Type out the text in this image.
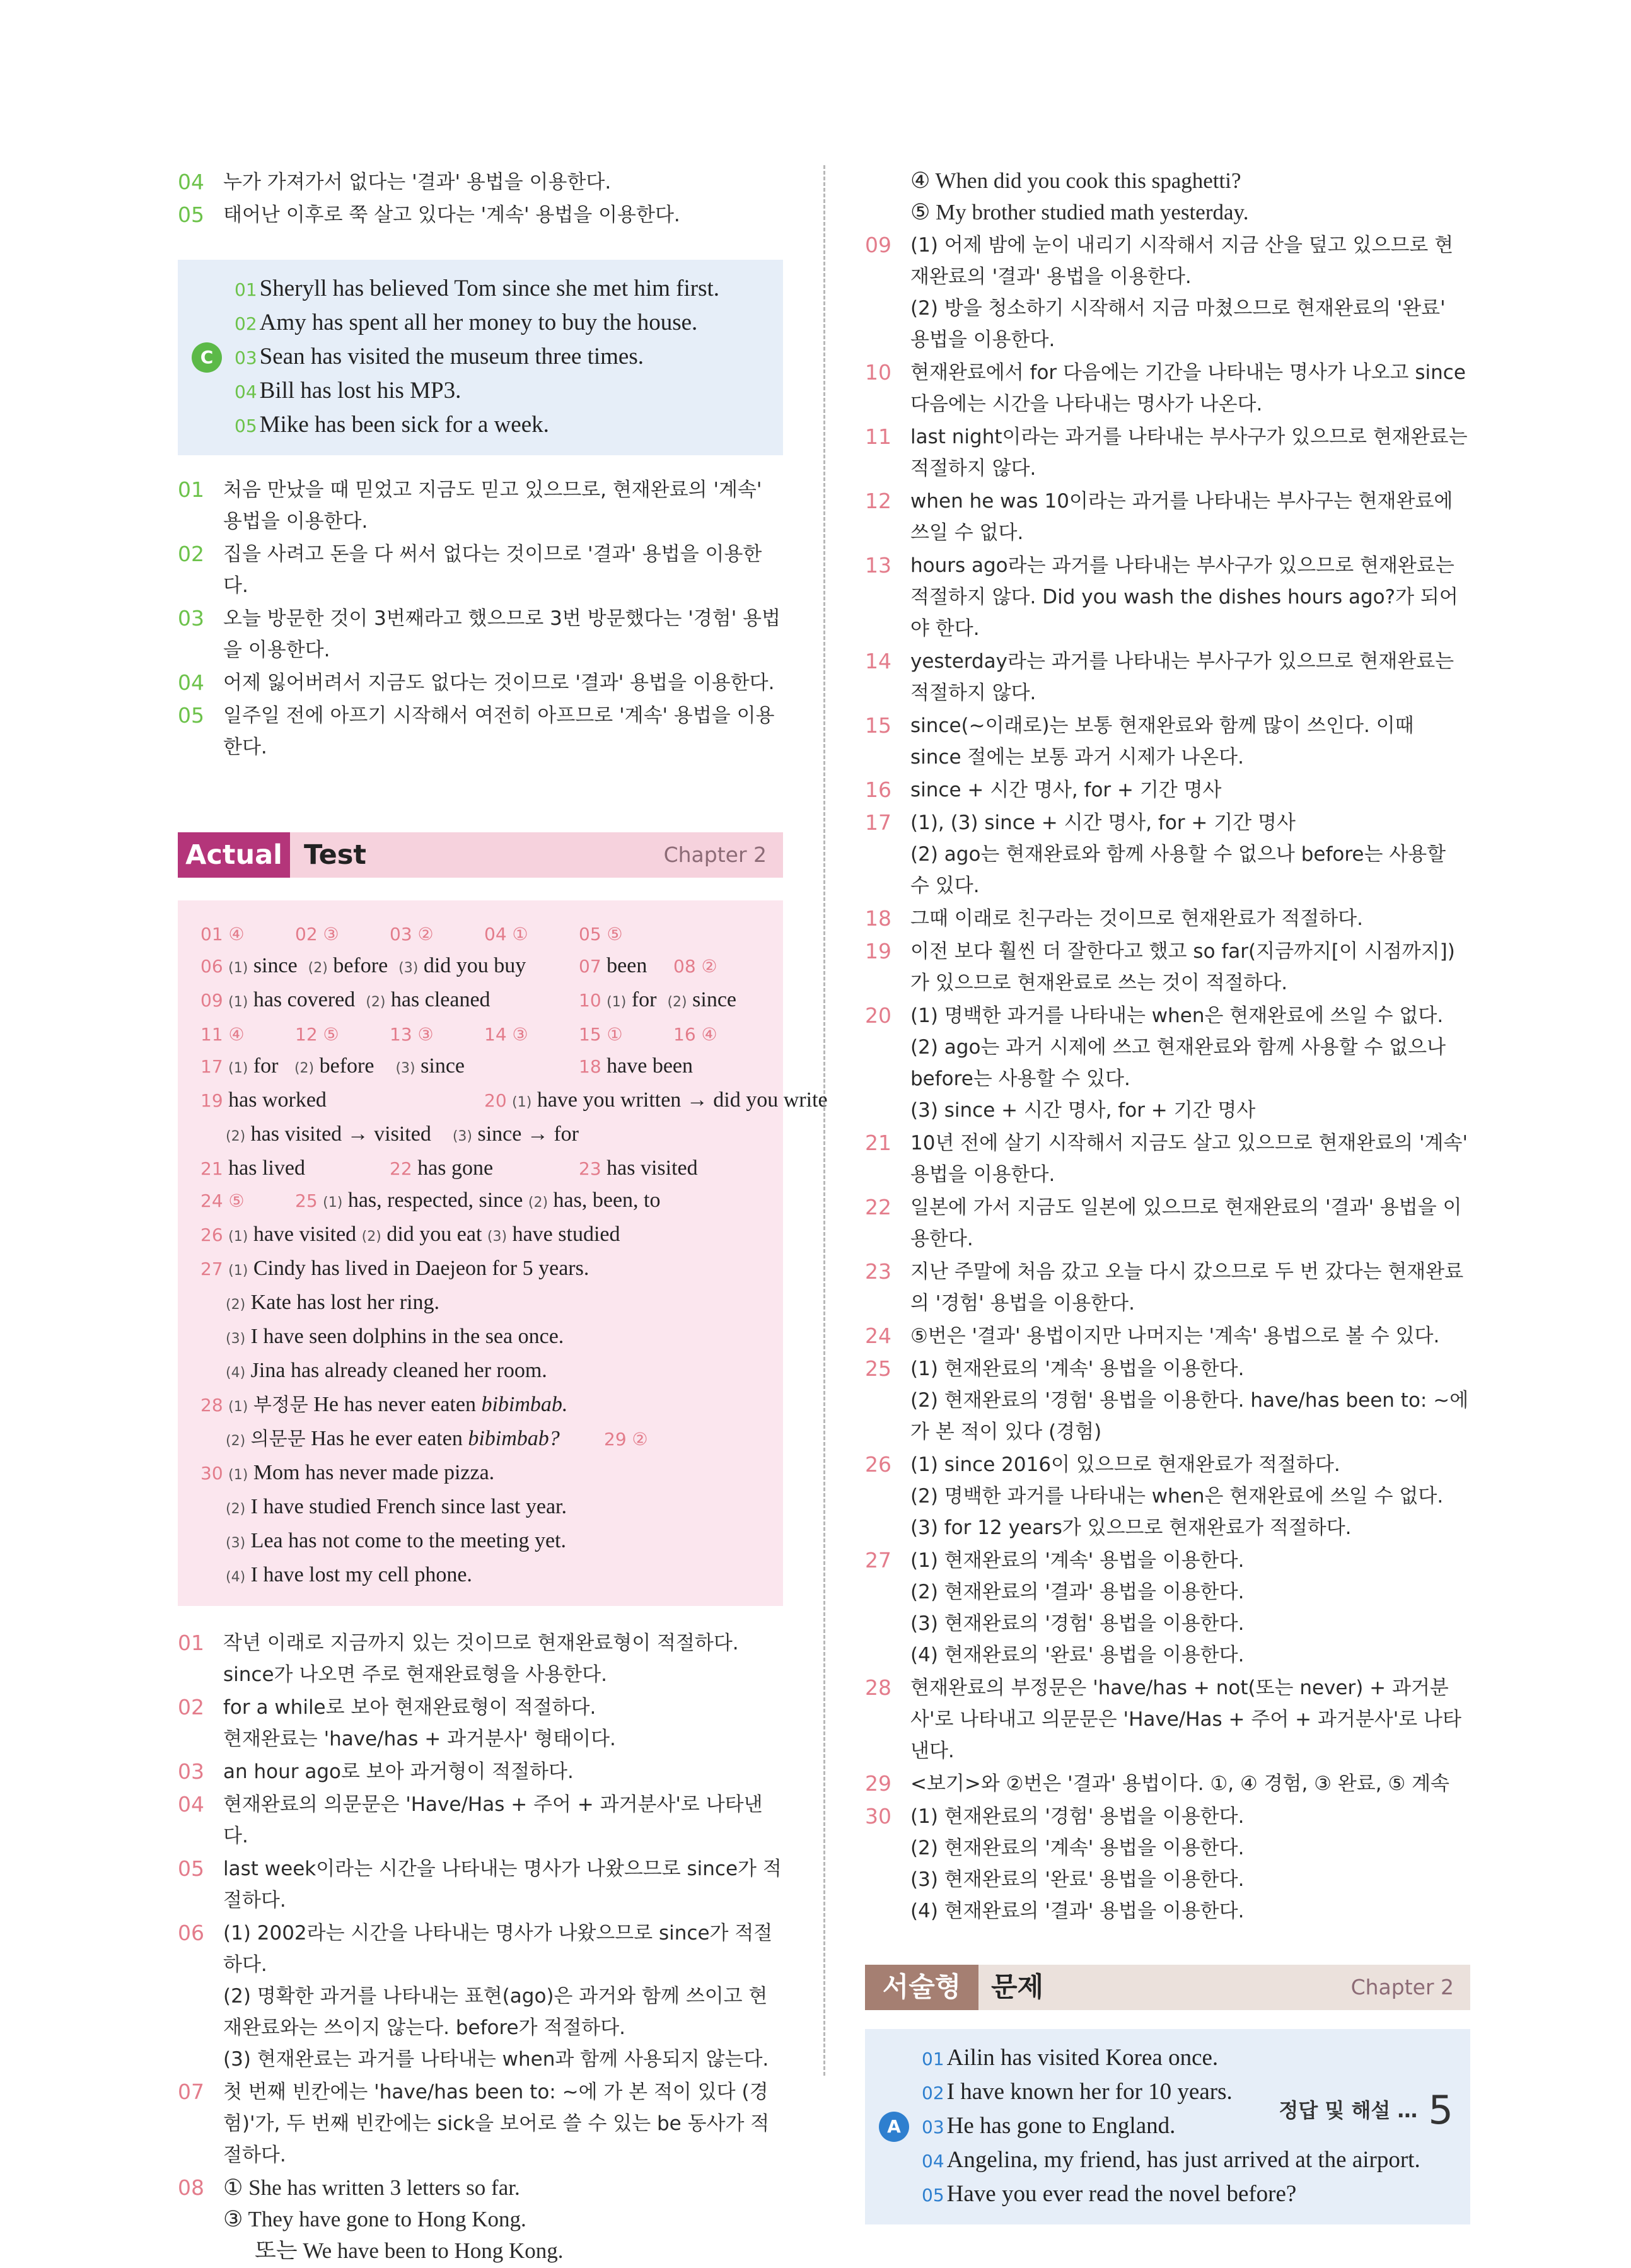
04 누가 가져가서 없다는 '결과' 용법을 이용한다.
05 태어난 이후로 쭉 살고 있다는 '계속' 용법을 이용한다.
C
01 Sheryll has believed Tom since she met him first.
02 Amy has spent all her money to buy the house.
03 Sean has visited the museum three times.
04 Bill has lost his MP3.
05 Mike has been sick for a week.
01 처음 만났을 때 믿었고 지금도 믿고 있으므로, 현재완료의 '계속' 용법을 이용한다.
02 집을 사려고 돈을 다 써서 없다는 것이므로 '결과' 용법을 이용한다.
03 오늘 방문한 것이 3번째라고 했으므로 3번 방문했다는 '경험' 용법을 이용한다.
04 어제 잃어버려서 지금도 없다는 것이므로 '결과' 용법을 이용한다.
05 일주일 전에 아프기 시작해서 여전히 아프므로 '계속' 용법을 이용한다.
Actual Test	Chapter 2
01 ④	02 ③	03 ②	04 ①	05 ⑤
06 (1) since (2) before (3) did you buy	07 been 08 ②
09 (1) has covered (2) has cleaned	10 (1) for (2) since
11 ④	12 ⑤	13 ③	14 ③	15 ①	16 ④
17 (1) for (2) before (3) since	18 have been
19 has worked	20 (1) have you written → did you write
(2) has visited → visited (3) since → for
21 has lived	22 has gone	23 has visited
24 ⑤	25 (1) has, respected, since (2) has, been, to
26 (1) have visited (2) did you eat (3) have studied
27 (1) Cindy has lived in Daejeon for 5 years.
(2) Kate has lost her ring.
(3) I have seen dolphins in the sea once.
(4) Jina has already cleaned her room.
28 (1) 부정문 He has never eaten bibimbab.
(2) 의문문 Has he ever eaten bibimbab?	29 ②
30 (1) Mom has never made pizza.
(2) I have studied French since last year.
(3) Lea has not come to the meeting yet.
(4) I have lost my cell phone.
01 작년 이래로 지금까지 있는 것이므로 현재완료형이 적절하다. since가 나오면 주로 현재완료형을 사용한다.
02 for a while로 보아 현재완료형이 적절하다.
현재완료는 'have/has + 과거분사' 형태이다.
03 an hour ago로 보아 과거형이 적절하다.
04 현재완료의 의문문은 'Have/Has + 주어 + 과거분사'로 나타낸다.
05 last week이라는 시간을 나타내는 명사가 나왔으므로 since가 적절하다.
06 (1) 2002라는 시간을 나타내는 명사가 나왔으므로 since가 적절하다.
(2) 명확한 과거를 나타내는 표현(ago)은 과거와 함께 쓰이고 현재완료와는 쓰이지 않는다. before가 적절하다.
(3) 현재완료는 과거를 나타내는 when과 함께 사용되지 않는다.
07 첫 번째 빈칸에는 'have/has been to: ~에 가 본 적이 있다 (경험)'가, 두 번째 빈칸에는 sick을 보어로 쓸 수 있는 be 동사가 적절하다.
08 ① She has written 3 letters so far.
③ They have gone to Hong Kong.
또는 We have been to Hong Kong.
④ When did you cook this spaghetti?
⑤ My brother studied math yesterday.
09 (1) 어제 밤에 눈이 내리기 시작해서 지금 산을 덮고 있으므로 현재완료의 '결과' 용법을 이용한다.
(2) 방을 청소하기 시작해서 지금 마쳤으므로 현재완료의 '완료' 용법을 이용한다.
10 현재완료에서 for 다음에는 기간을 나타내는 명사가 나오고 since 다음에는 시간을 나타내는 명사가 나온다.
11 last night이라는 과거를 나타내는 부사구가 있으므로 현재완료는 적절하지 않다.
12 when he was 10이라는 과거를 나타내는 부사구는 현재완료에 쓰일 수 없다.
13 hours ago라는 과거를 나타내는 부사구가 있으므로 현재완료는 적절하지 않다. Did you wash the dishes hours ago?가 되어야 한다.
14 yesterday라는 과거를 나타내는 부사구가 있으므로 현재완료는 적절하지 않다.
15 since(~이래로)는 보통 현재완료와 함께 많이 쓰인다. 이때 since 절에는 보통 과거 시제가 나온다.
16 since + 시간 명사, for + 기간 명사
17 (1), (3) since + 시간 명사, for + 기간 명사
(2) ago는 현재완료와 함께 사용할 수 없으나 before는 사용할 수 있다.
18 그때 이래로 친구라는 것이므로 현재완료가 적절하다.
19 이전 보다 훨씬 더 잘한다고 했고 so far(지금까지[이 시점까지])가 있으므로 현재완료로 쓰는 것이 적절하다.
20 (1) 명백한 과거를 나타내는 when은 현재완료에 쓰일 수 없다.
(2) ago는 과거 시제에 쓰고 현재완료와 함께 사용할 수 없으나 before는 사용할 수 있다.
(3) since + 시간 명사, for + 기간 명사
21 10년 전에 살기 시작해서 지금도 살고 있으므로 현재완료의 '계속' 용법을 이용한다.
22 일본에 가서 지금도 일본에 있으므로 현재완료의 '결과' 용법을 이용한다.
23 지난 주말에 처음 갔고 오늘 다시 갔으므로 두 번 갔다는 현재완료의 '경험' 용법을 이용한다.
24 ⑤번은 '결과' 용법이지만 나머지는 '계속' 용법으로 볼 수 있다.
25 (1) 현재완료의 '계속' 용법을 이용한다.
(2) 현재완료의 '경험' 용법을 이용한다. have/has been to: ~에 가 본 적이 있다 (경험)
26 (1) since 2016이 있으므로 현재완료가 적절하다.
(2) 명백한 과거를 나타내는 when은 현재완료에 쓰일 수 없다.
(3) for 12 years가 있으므로 현재완료가 적절하다.
27 (1) 현재완료의 '계속' 용법을 이용한다.
(2) 현재완료의 '결과' 용법을 이용한다.
(3) 현재완료의 '경험' 용법을 이용한다.
(4) 현재완료의 '완료' 용법을 이용한다.
28 현재완료의 부정문은 'have/has + not(또는 never) + 과거분사'로 나타내고 의문문은 'Have/Has + 주어 + 과거분사'로 나타낸다.
29 <보기>와 ②번은 '결과' 용법이다. ①, ④ 경험, ③ 완료, ⑤ 계속
30 (1) 현재완료의 '경험' 용법을 이용한다.
(2) 현재완료의 '계속' 용법을 이용한다.
(3) 현재완료의 '완료' 용법을 이용한다.
(4) 현재완료의 '결과' 용법을 이용한다.
서술형	문제	Chapter 2
A
01 Ailin has visited Korea once.
02 I have known her for 10 years.
03 He has gone to England.
04 Angelina, my friend, has just arrived at the airport.
05 Have you ever read the novel before?
정답 및 해설 … 5
